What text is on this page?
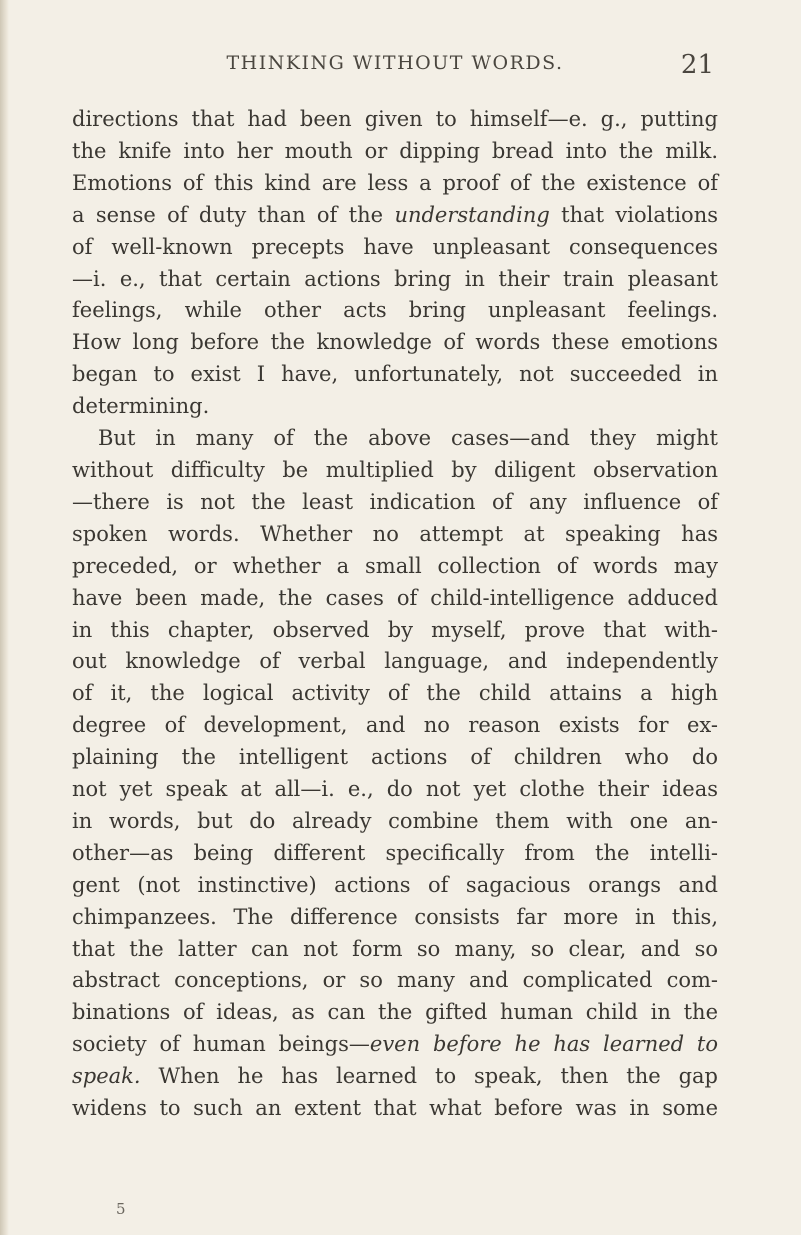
THINKING WITHOUT WORDS.	21
directions that had been given to himself—e. g., putting
the knife into her mouth or dipping bread into the milk.
Emotions of this kind are less a proof of the existence of
a sense of duty than of the understanding that violations
of well-known precepts have unpleasant consequences
—i. e., that certain actions bring in their train pleasant
feelings, while other acts bring unpleasant feelings.
How long before the knowledge of words these emotions
began to exist I have, unfortunately, not succeeded in
determining.
But in many of the above cases—and they might
without difficulty be multiplied by diligent observation
—there is not the least indication of any influence of
spoken words. Whether no attempt at speaking has
preceded, or whether a small collection of words may
have been made, the cases of child-intelligence adduced
in this chapter, observed by myself, prove that with-
out knowledge of verbal language, and independently
of it, the logical activity of the child attains a high
degree of development, and no reason exists for ex-
plaining the intelligent actions of children who do
not yet speak at all—i. e., do not yet clothe their ideas
in words, but do already combine them with one an-
other—as being different specifically from the intelli-
gent (not instinctive) actions of sagacious orangs and
chimpanzees. The difference consists far more in this,
that the latter can not form so many, so clear, and so
abstract conceptions, or so many and complicated com-
binations of ideas, as can the gifted human child in the
society of human beings—even before he has learned to
speak. When he has learned to speak, then the gap
widens to such an extent that what before was in some
5
